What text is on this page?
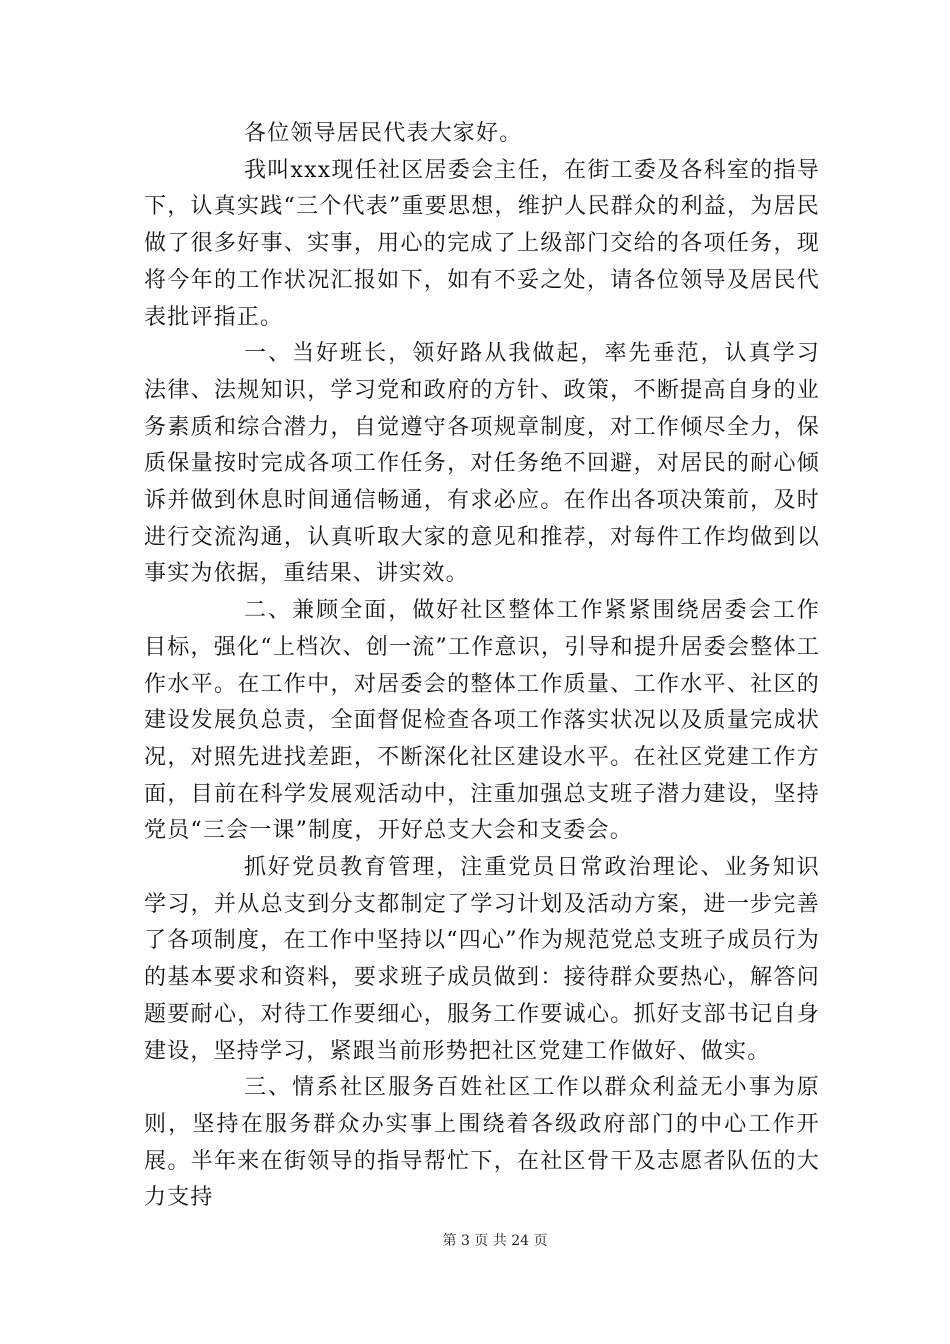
各位领导居民代表大家好。

我叫xxx现任社区居委会主任，在街工委及各科室的指导下，认真实践“三个代表”重要思想，维护人民群众的利益，为居民做了很多好事、实事，用心的完成了上级部门交给的各项任务，现将今年的工作状况汇报如下，如有不妥之处，请各位领导及居民代表批评指正。

一、当好班长，领好路从我做起，率先垂范，认真学习法律、法规知识，学习党和政府的方针、政策，不断提高自身的业务素质和综合潜力，自觉遵守各项规章制度，对工作倾尽全力，保质保量按时完成各项工作任务，对任务绝不回避，对居民的耐心倾诉并做到休息时间通信畅通，有求必应。在作出各项决策前，及时进行交流沟通，认真听取大家的意见和推荐，对每件工作均做到以事实为依据，重结果、讲实效。

二、兼顾全面，做好社区整体工作紧紧围绕居委会工作目标，强化“上档次、创一流”工作意识，引导和提升居委会整体工作水平。在工作中，对居委会的整体工作质量、工作水平、社区的建设发展负总责，全面督促检查各项工作落实状况以及质量完成状况，对照先进找差距，不断深化社区建设水平。在社区党建工作方面，目前在科学发展观活动中，注重加强总支班子潜力建设，坚持党员“三会一课”制度，开好总支大会和支委会。

抓好党员教育管理，注重党员日常政治理论、业务知识学习，并从总支到分支都制定了学习计划及活动方案，进一步完善了各项制度，在工作中坚持以“四心”作为规范党总支班子成员行为的基本要求和资料，要求班子成员做到：接待群众要热心，解答问题要耐心，对待工作要细心，服务工作要诚心。抓好支部书记自身建设，坚持学习，紧跟当前形势把社区党建工作做好、做实。

三、情系社区服务百姓社区工作以群众利益无小事为原则，坚持在服务群众办实事上围绕着各级政府部门的中心工作开展。半年来在街领导的指导帮忙下，在社区骨干及志愿者队伍的大力支持

第 3 页 共 24 页
